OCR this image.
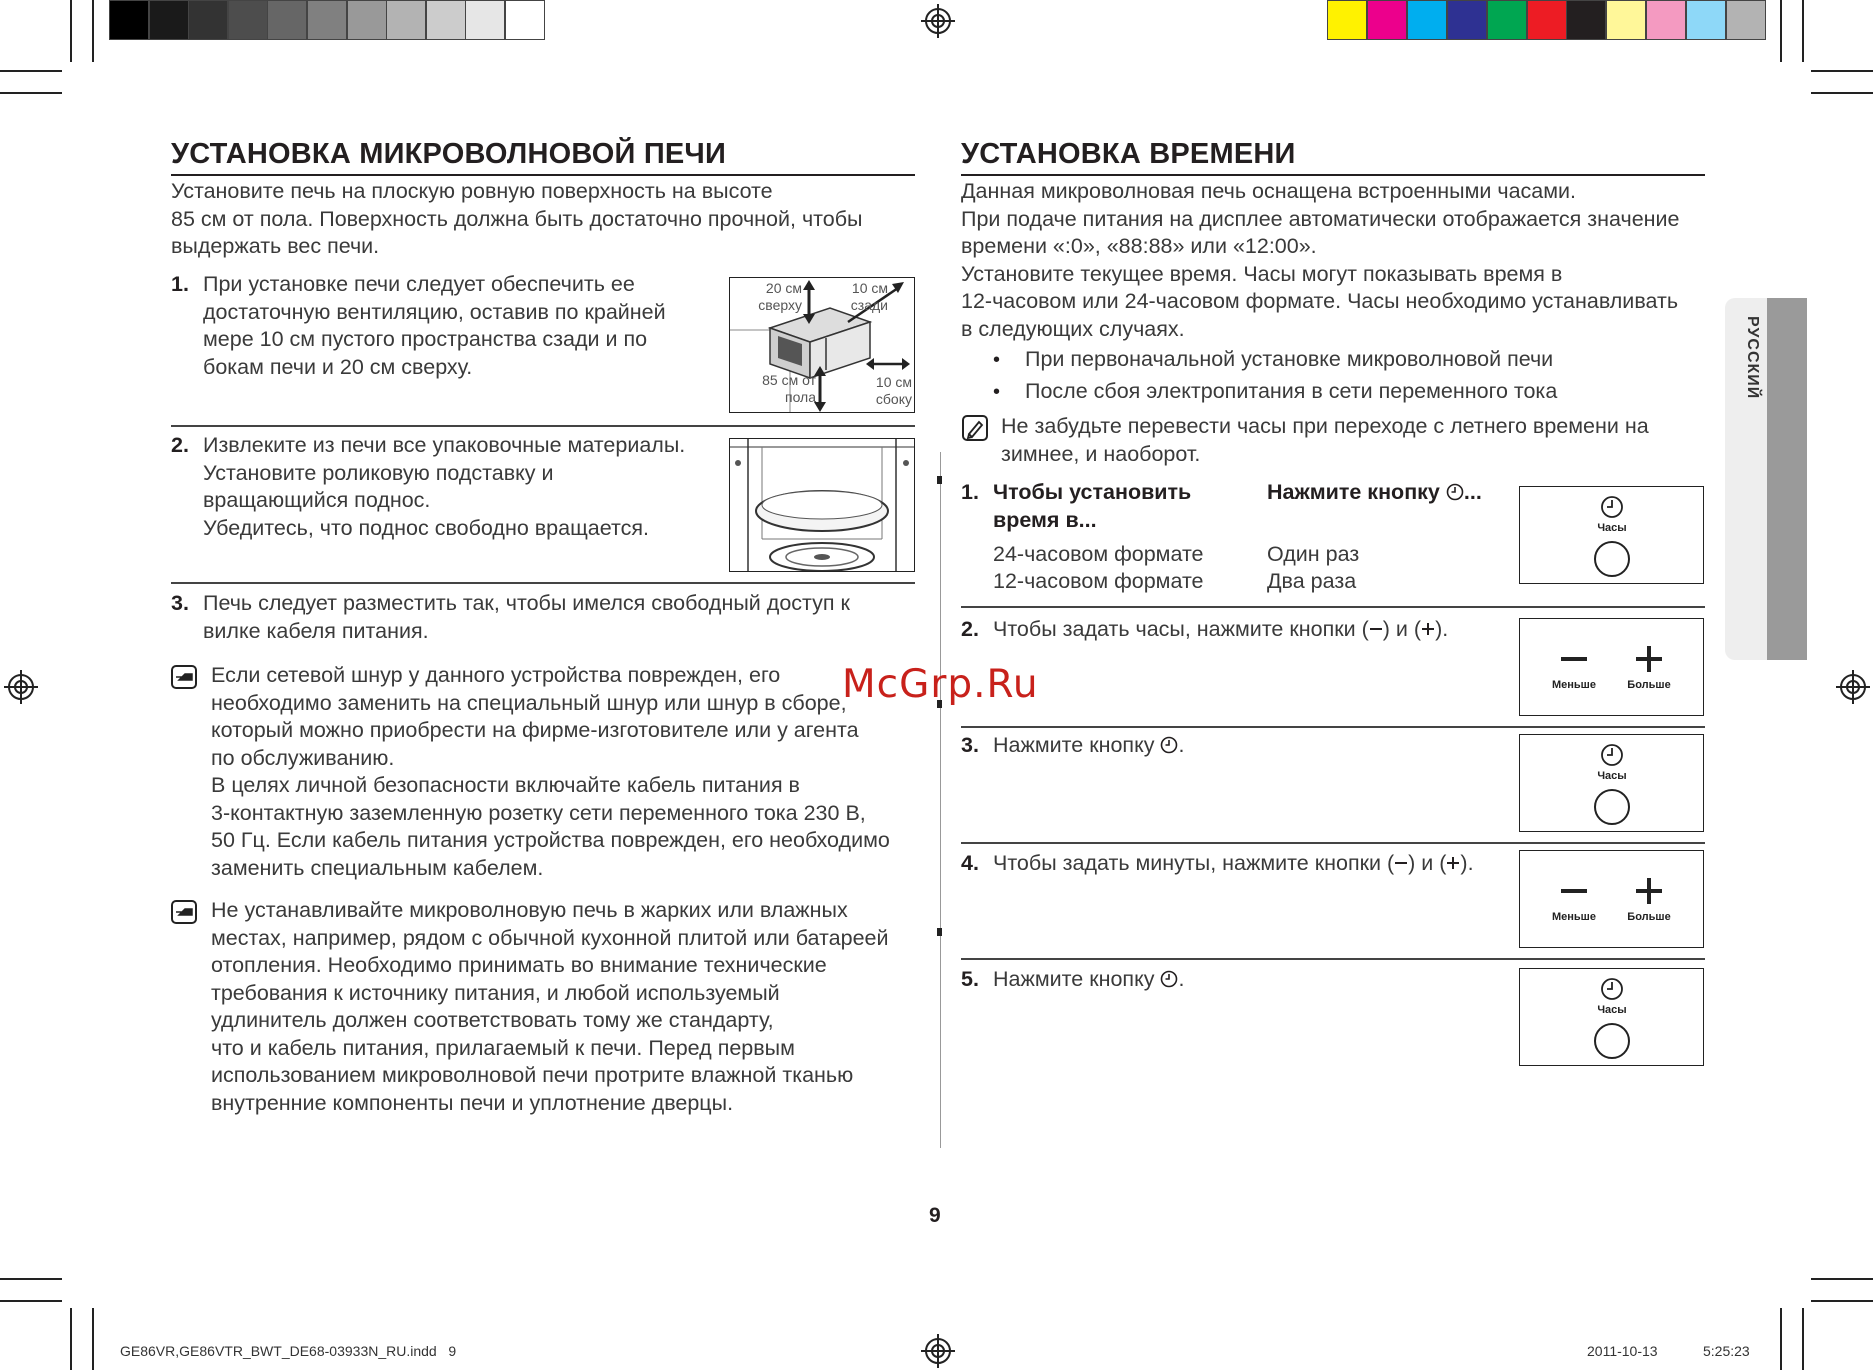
УСТАНОВКА МИКРОВОЛНОВОЙ ПЕЧИ
Установите печь на плоскую ровную поверхность на высоте
85 см от пола. Поверхность должна быть достаточно прочной, чтобы
выдержать вес печи.
1. При установке печи следует обеспечить ее
достаточную вентиляцию, оставив по крайней
мере 10 см пустого пространства сзади и по
бокам печи и 20 см сверху.
20 см
сверху
10 см
сзади
85 см от
пола
10 см
сбоку
2. Извлеките из печи все упаковочные материалы.
Установите роликовую подставку и
вращающийся поднос.
Убедитесь, что поднос свободно вращается.
3. Печь следует разместить так, чтобы имелся свободный доступ к
вилке кабеля питания.
Если сетевой шнур у данного устройства поврежден, его
необходимо заменить на специальный шнур или шнур в сборе,
который можно приобрести на фирме-изготовителе или у агента
по обслуживанию.
В целях личной безопасности включайте кабель питания в
3-контактную заземленную розетку сети переменного тока 230 В,
50 Гц. Если кабель питания устройства поврежден, его необходимо
заменить специальным кабелем.
Не устанавливайте микроволновую печь в жарких или влажных
местах, например, рядом с обычной кухонной плитой или батареей
отопления. Необходимо принимать во внимание технические
требования к источнику питания, и любой используемый
удлинитель должен соответствовать тому же стандарту,
что и кабель питания, прилагаемый к печи. Перед первым
использованием микроволновой печи протрите влажной тканью
внутренние компоненты печи и уплотнение дверцы.
УСТАНОВКА ВРЕМЕНИ
Данная микроволновая печь оснащена встроенными часами.
При подаче питания на дисплее автоматически отображается значение
времени «:0», «88:88» или «12:00».
Установите текущее время. Часы могут показывать время в
12-часовом или 24-часовом формате. Часы необходимо устанавливать
в следующих случаях.
• При первоначальной установке микроволновой печи
• После сбоя электропитания в сети переменного тока
Не забудьте перевести часы при переходе с летнего времени на
зимнее, и наоборот.
1. Чтобы установить
время в...
Нажмите кнопку ...
24-часовом формате	Один раз
12-часовом формате	Два раза
Часы
2. Чтобы задать часы, нажмите кнопки ( ) и ( ).
Меньше	Больше
3. Нажмите кнопку .
Часы
4. Чтобы задать минуты, нажмите кнопки ( ) и ( ).
Меньше	Больше
5. Нажмите кнопку .
Часы
РУССКИЙ
McGrp.Ru
9
GE86VR,GE86VTR_BWT_DE68-03933N_RU.indd   9	2011-10-13	5:25:23
